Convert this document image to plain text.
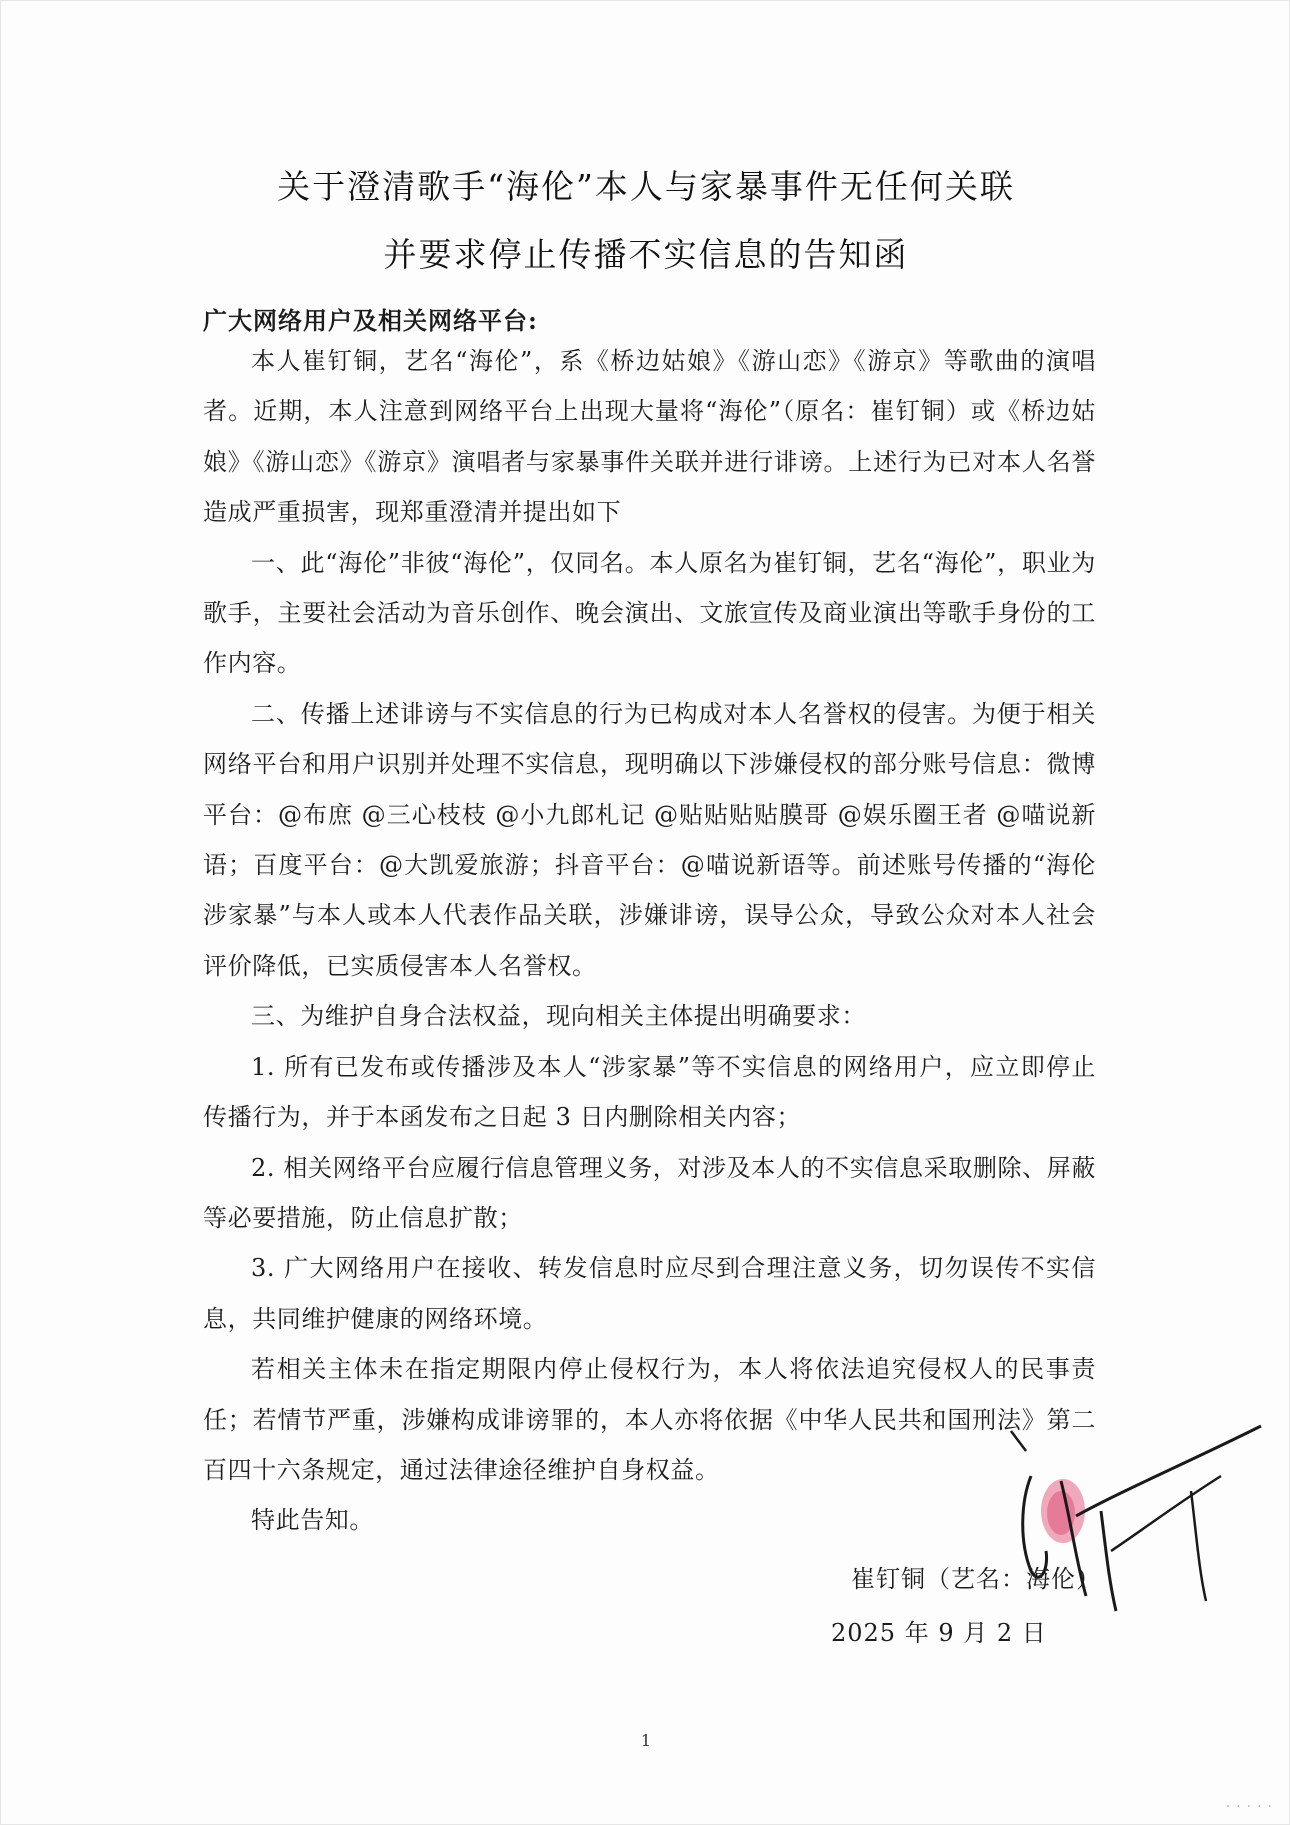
关于澄清歌手“海伦”本人与家暴事件无任何关联
并要求停止传播不实信息的告知函
广大网络用户及相关网络平台:

本人崔钉铜，艺名“海伦”，系《桥边姑娘》《游山恋》《游京》等歌曲的演唱者。近期，本人注意到网络平台上出现大量将“海伦”（原名：崔钉铜）或《桥边姑娘》《游山恋》《游京》演唱者与家暴事件关联并进行诽谤。上述行为已对本人名誉造成严重损害，现郑重澄清并提出如下

一、此“海伦”非彼“海伦”，仅同名。本人原名为崔钉铜，艺名“海伦”，职业为歌手，主要社会活动为音乐创作、晚会演出、文旅宣传及商业演出等歌手身份的工作内容。

二、传播上述诽谤与不实信息的行为已构成对本人名誉权的侵害。为便于相关网络平台和用户识别并处理不实信息，现明确以下涉嫌侵权的部分账号信息：微博平台：@布庶 @三心枝枝 @小九郎札记 @贴贴贴贴膜哥 @娱乐圈王者 @喵说新语；百度平台：@大凯爱旅游；抖音平台：@喵说新语等。前述账号传播的“海伦涉家暴”与本人或本人代表作品关联，涉嫌诽谤，误导公众，导致公众对本人社会评价降低，已实质侵害本人名誉权。

三、为维护自身合法权益，现向相关主体提出明确要求：

1. 所有已发布或传播涉及本人“涉家暴”等不实信息的网络用户，应立即停止传播行为，并于本函发布之日起 3 日内删除相关内容；

2. 相关网络平台应履行信息管理义务，对涉及本人的不实信息采取删除、屏蔽等必要措施，防止信息扩散；

3. 广大网络用户在接收、转发信息时应尽到合理注意义务，切勿误传不实信息，共同维护健康的网络环境。

若相关主体未在指定期限内停止侵权行为，本人将依法追究侵权人的民事责任；若情节严重，涉嫌构成诽谤罪的，本人亦将依据《中华人民共和国刑法》第二百四十六条规定，通过法律途径维护自身权益。

特此告知。

崔钉铜（艺名：海伦）
2025 年 9 月 2 日
1
·····
